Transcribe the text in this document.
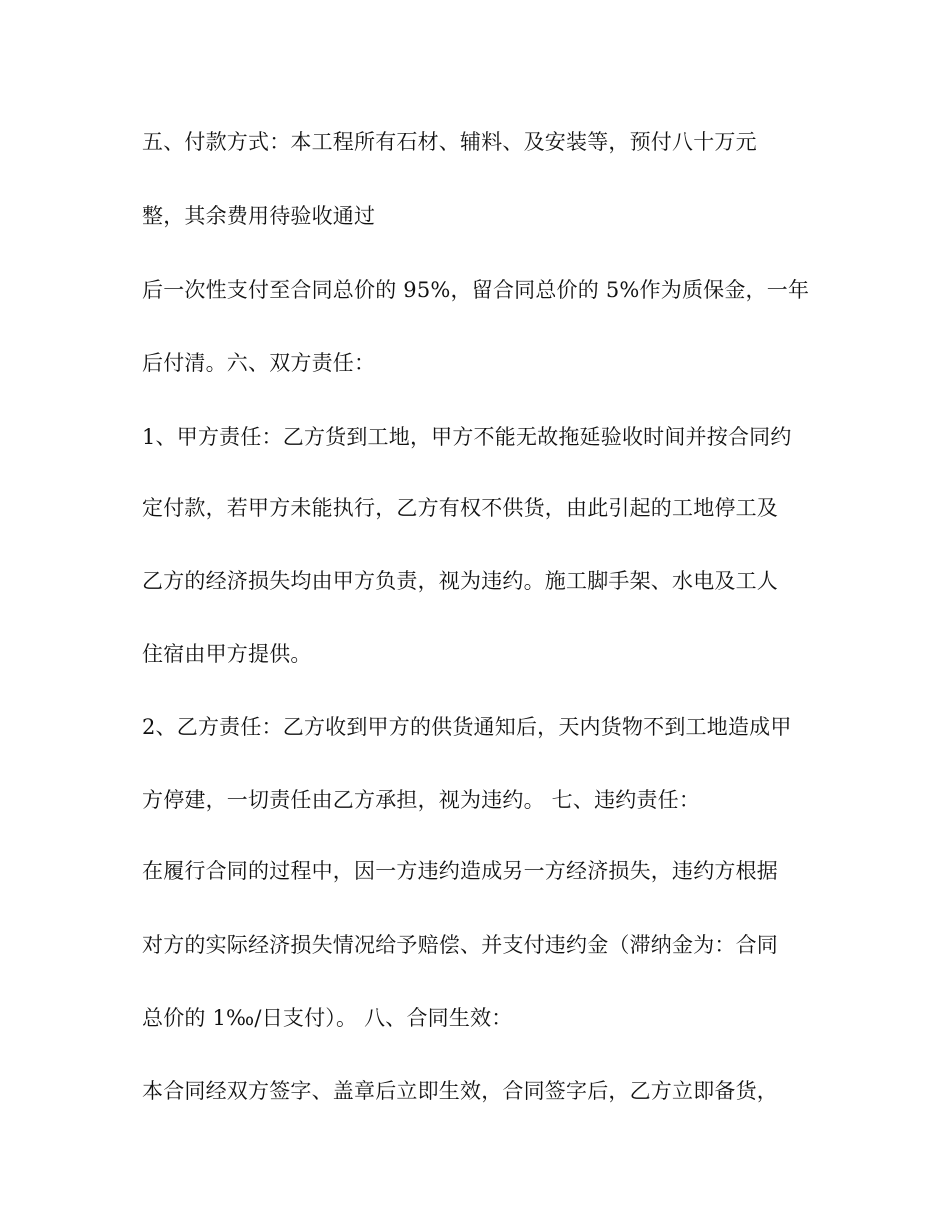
五、付款方式：本工程所有石材、辅料、及安装等，预付八十万元
整，其余费用待验收通过
后一次性支付至合同总价的 95%，留合同总价的 5%作为质保金，一年
后付清。六、双方责任：
1、甲方责任：乙方货到工地，甲方不能无故拖延验收时间并按合同约
定付款，若甲方未能执行，乙方有权不供货，由此引起的工地停工及
乙方的经济损失均由甲方负责，视为违约。施工脚手架、水电及工人
住宿由甲方提供。
2、乙方责任：乙方收到甲方的供货通知后，天内货物不到工地造成甲
方停建，一切责任由乙方承担，视为违约。 七、违约责任：
在履行合同的过程中，因一方违约造成另一方经济损失，违约方根据
对方的实际经济损失情况给予赔偿、并支付违约金（滞纳金为：合同
总价的 1‰/日支付）。 八、合同生效：
本合同经双方签字、盖章后立即生效，合同签字后，乙方立即备货，
